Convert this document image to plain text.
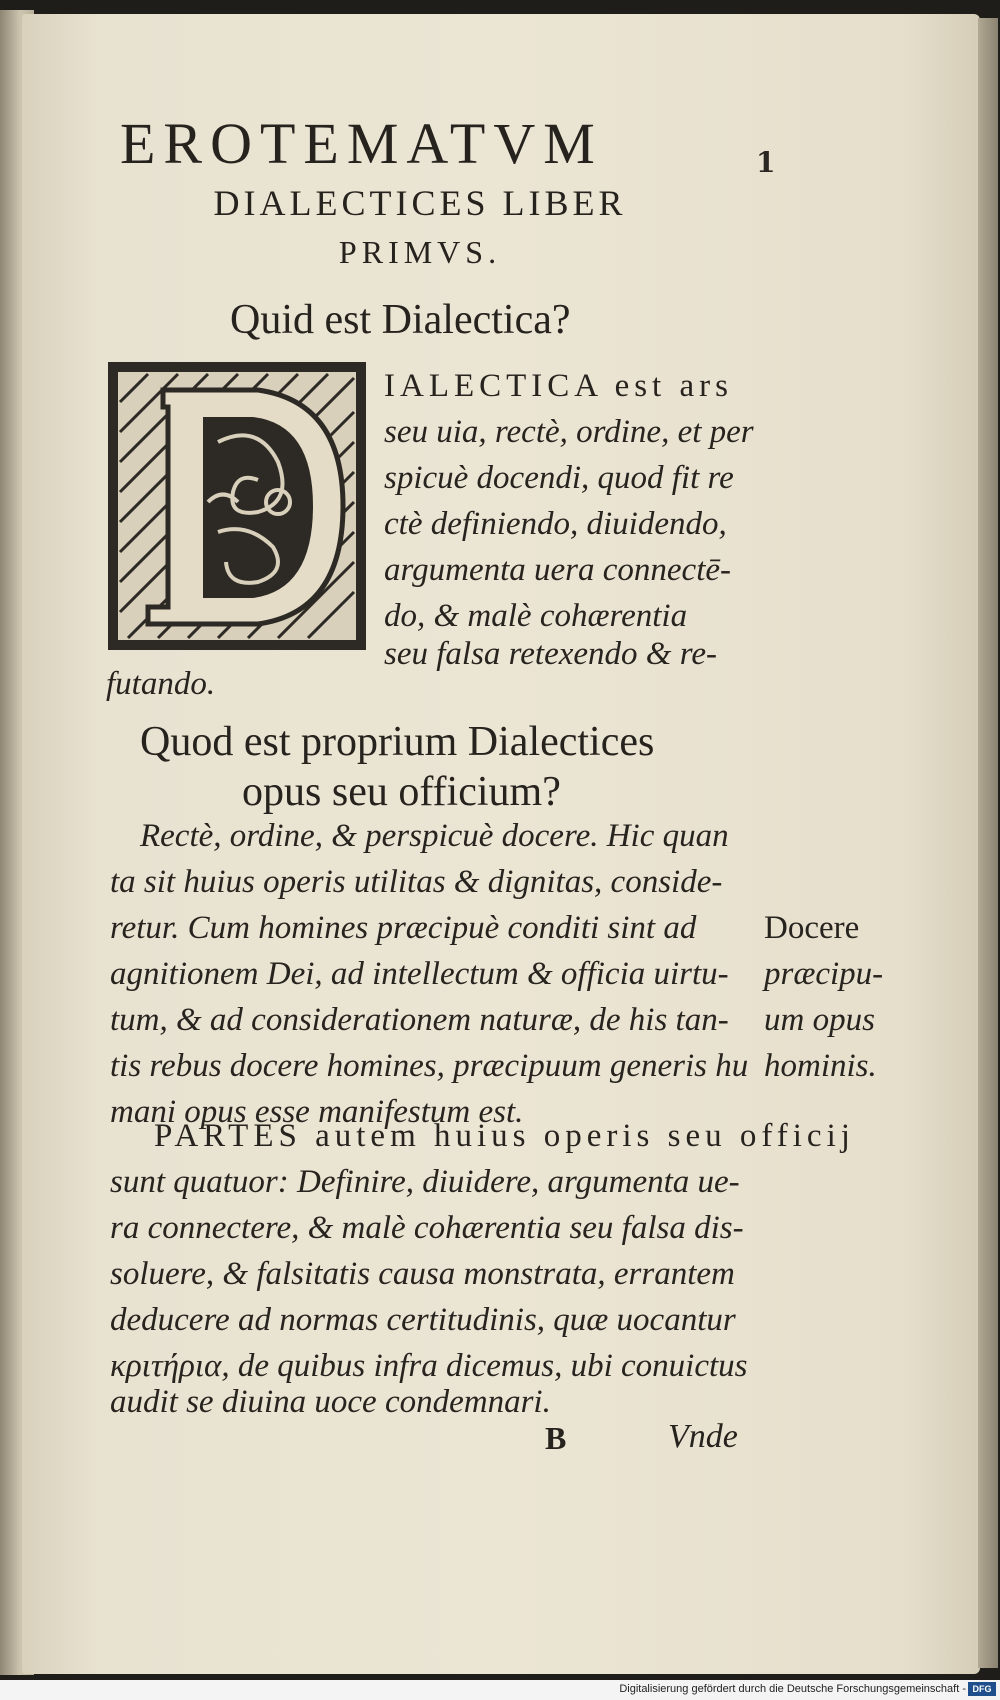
1
EROTEMATVM
DIALECTICES LIBER
PRIMVS.
Quid est Dialectica?
IALECTICA est ars
seu uia, rectè, ordine, et per
spicuè docendi, quod fit re
ctè definiendo, diuidendo,
argumenta uera connectē-
do, & malè cohærentia
seu falsa retexendo & re-
futando.
Quod est proprium Dialectices
opus seu officium?
Rectè, ordine, & perspicuè docere. Hic quan
ta sit huius operis utilitas & dignitas, conside-
retur. Cum homines præcipuè conditi sint ad
agnitionem Dei, ad intellectum & officia uirtu-
tum, & ad considerationem naturæ, de his tan-
tis rebus docere homines, præcipuum generis hu
mani opus esse manifestum est.
Docere
præcipu-
um opus
hominis.
PARTES autem huius operis seu officij
sunt quatuor: Definire, diuidere, argumenta ue-
ra connectere, & malè cohærentia seu falsa dis-
soluere, & falsitatis causa monstrata, errantem
deducere ad normas certitudinis, quæ uocantur
κριτήρια, de quibus infra dicemus, ubi conuictus
audit se diuina uoce condemnari.
B	Vnde
Digitalisierung gefördert durch die Deutsche Forschungsgemeinschaft - DFG
